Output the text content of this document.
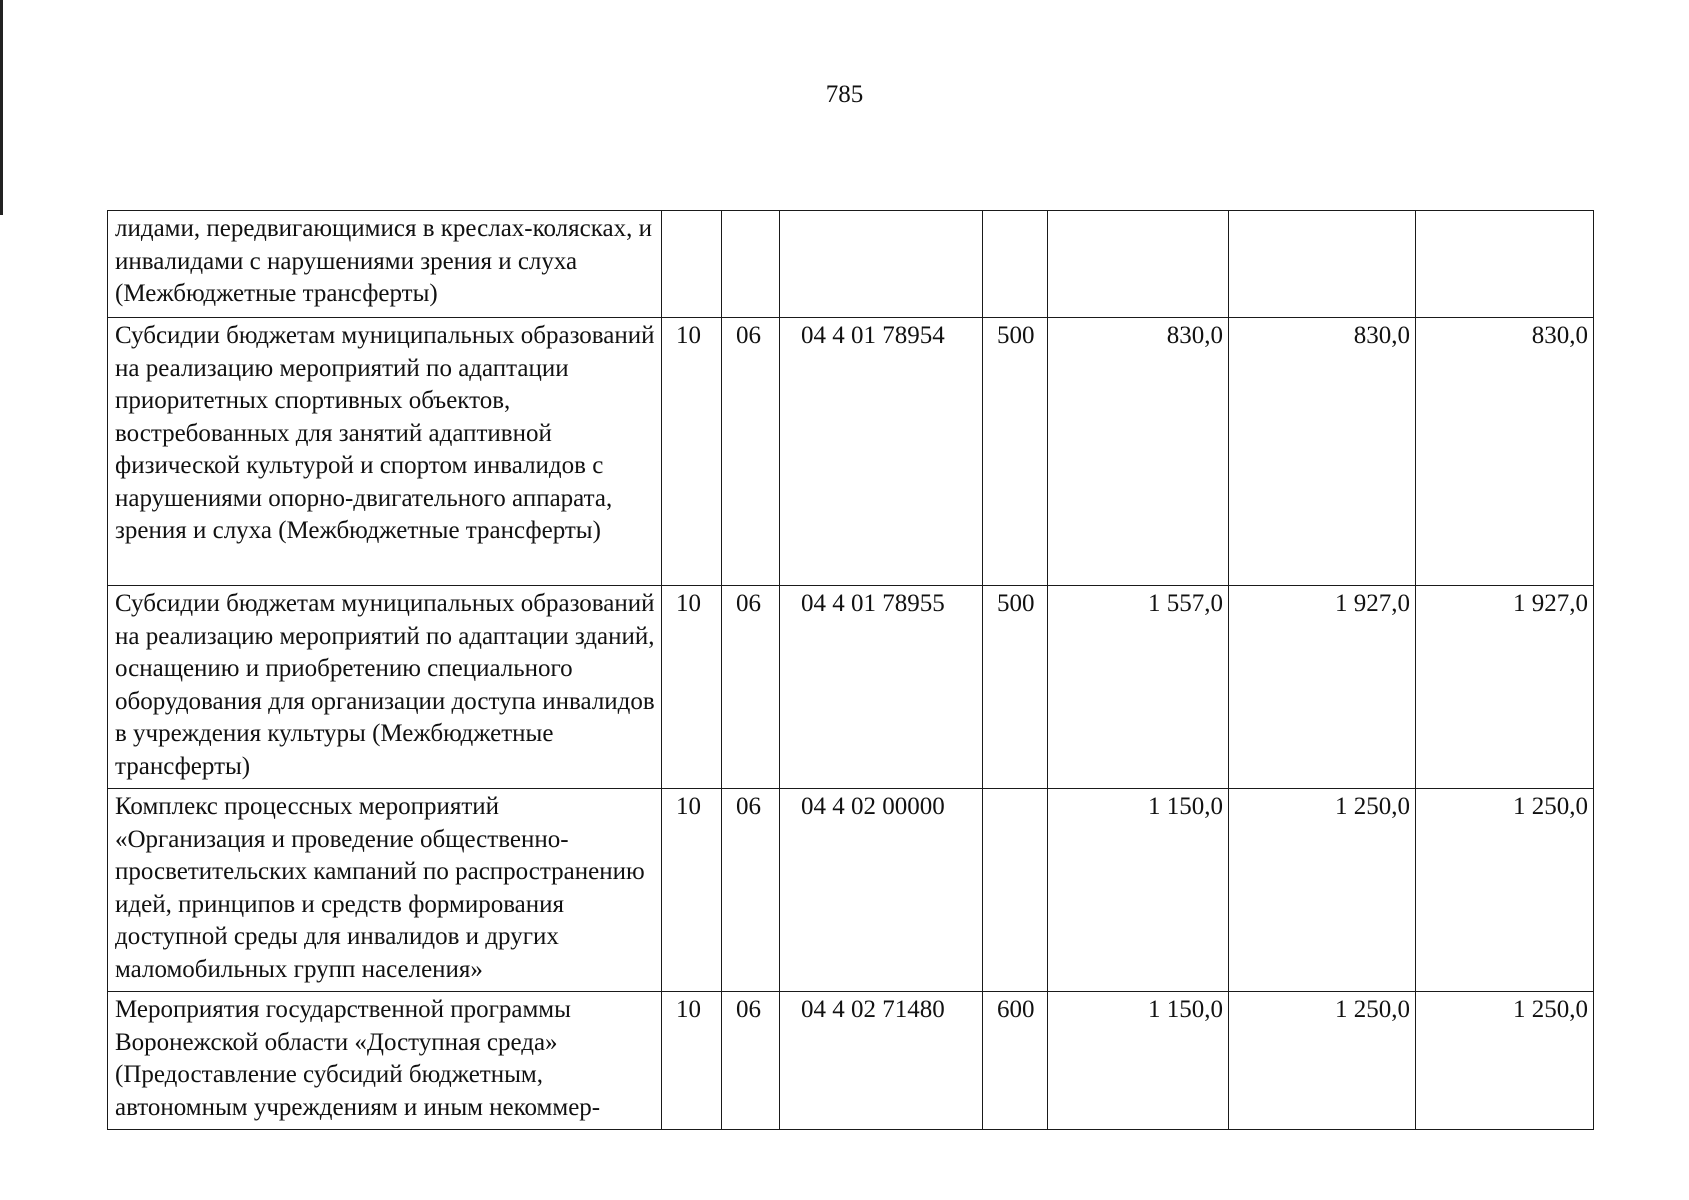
785
лидами, передвигающимися в креслах-колясках, и инвалидами с нарушениями зрения и слуха (Межбюджетные трансферты)							
Субсидии бюджетам муниципальных образований на реализацию мероприятий по адаптации приоритетных спортивных объектов, востребованных для занятий адаптивной физической культурой и спортом инвалидов с нарушениями опорно-двигательного аппарата, зрения и слуха (Межбюджетные трансферты)	10	06	04 4 01 78954	500	830,0	830,0	830,0
Субсидии бюджетам муниципальных образований на реализацию мероприятий по адаптации зданий, оснащению и приобретению специального оборудования для организации доступа инвалидов в учреждения культуры (Межбюджетные трансферты)	10	06	04 4 01 78955	500	1 557,0	1 927,0	1 927,0
Комплекс процессных мероприятий «Организация и проведение общественно-просветительских кампаний по распространению идей, принципов и средств формирования доступной среды для инвалидов и других маломобильных групп населения»	10	06	04 4 02 00000		1 150,0	1 250,0	1 250,0
Мероприятия государственной программы Воронежской области «Доступная среда» (Предоставление субсидий бюджетным, автономным учреждениям и иным некоммер-	10	06	04 4 02 71480	600	1 150,0	1 250,0	1 250,0
